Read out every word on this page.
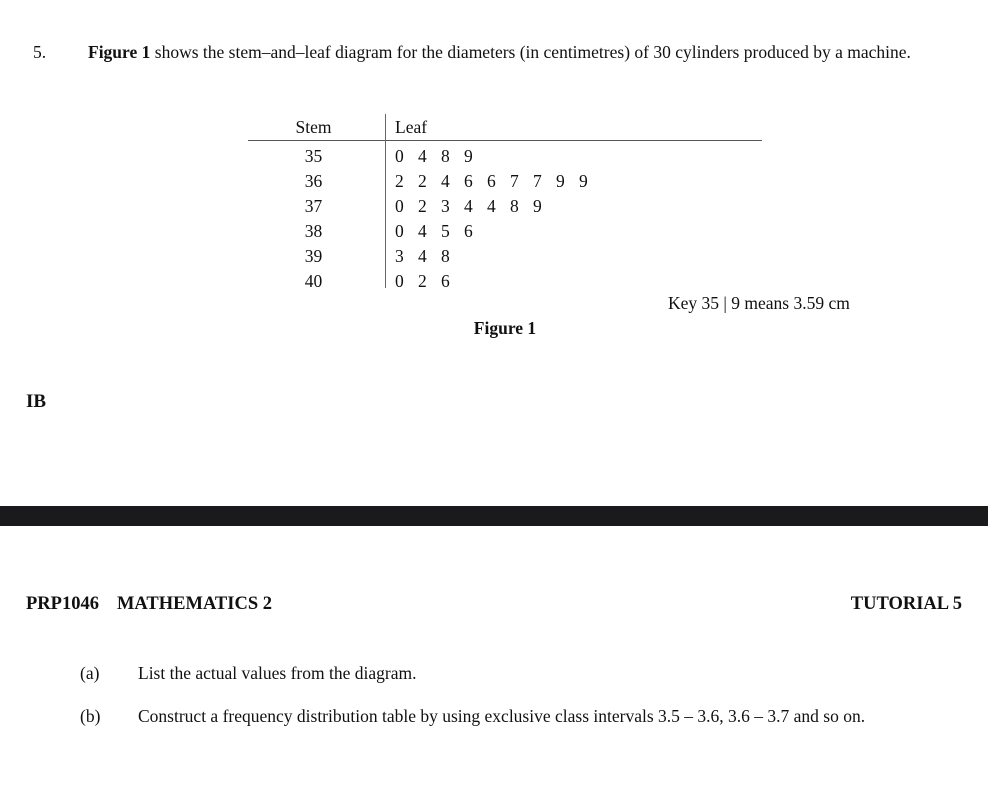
5.	Figure 1 shows the stem–and–leaf diagram for the diameters (in centimetres) of 30 cylinders produced by a machine.
Stem	Leaf
35	0 4 8 9
36	2 2 4 6 6 7 7 9 9
37	0 2 3 4 4 8 9
38	0 4 5 6
39	3 4 8
40	0 2 6
Key 35 | 9 means 3.59 cm
Figure 1
IB
PRP1046 MATHEMATICS 2	TUTORIAL 5
(a)	List the actual values from the diagram.
(b)	Construct a frequency distribution table by using exclusive class intervals 3.5 – 3.6, 3.6 – 3.7 and so on.
